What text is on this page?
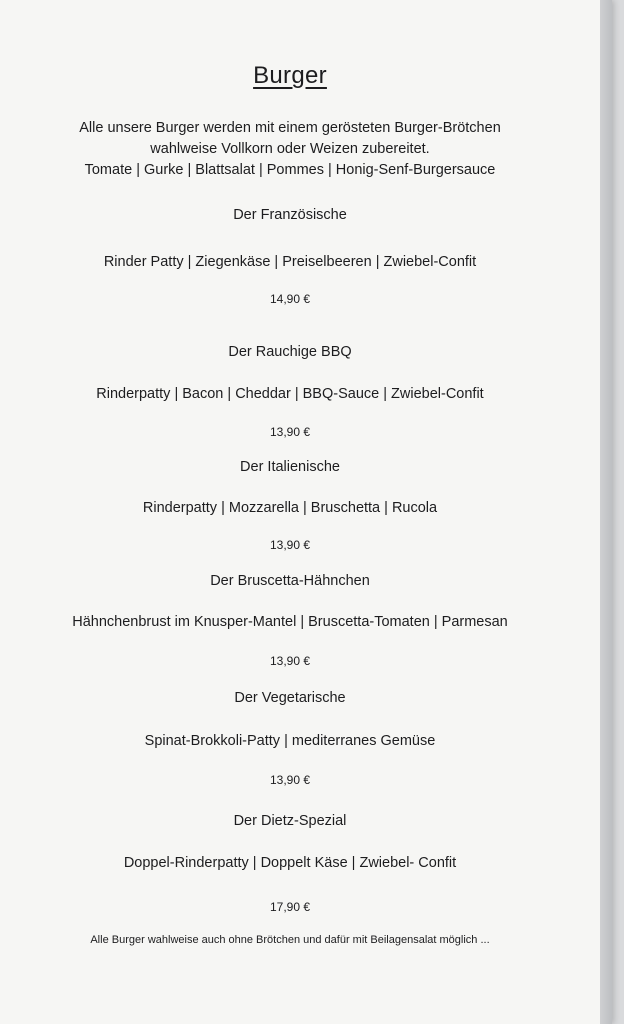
Burger
Alle unsere Burger werden mit einem gerösteten Burger-Brötchen
wahlweise Vollkorn oder Weizen zubereitet.
Tomate | Gurke | Blattsalat | Pommes | Honig-Senf-Burgersauce
Der Französische
Rinder Patty | Ziegenkäse | Preiselbeeren | Zwiebel-Confit
14,90 €
Der Rauchige BBQ
Rinderpatty | Bacon | Cheddar | BBQ-Sauce | Zwiebel-Confit
13,90 €
Der Italienische
Rinderpatty | Mozzarella | Bruschetta | Rucola
13,90 €
Der Bruscetta-Hähnchen
Hähnchenbrust im Knusper-Mantel | Bruscetta-Tomaten | Parmesan
13,90 €
Der Vegetarische
Spinat-Brokkoli-Patty | mediterranes Gemüse
13,90 €
Der Dietz-Spezial
Doppel-Rinderpatty | Doppelt Käse | Zwiebel- Confit
17,90 €
Alle Burger wahlweise auch ohne Brötchen und dafür mit Beilagensalat möglich ...
